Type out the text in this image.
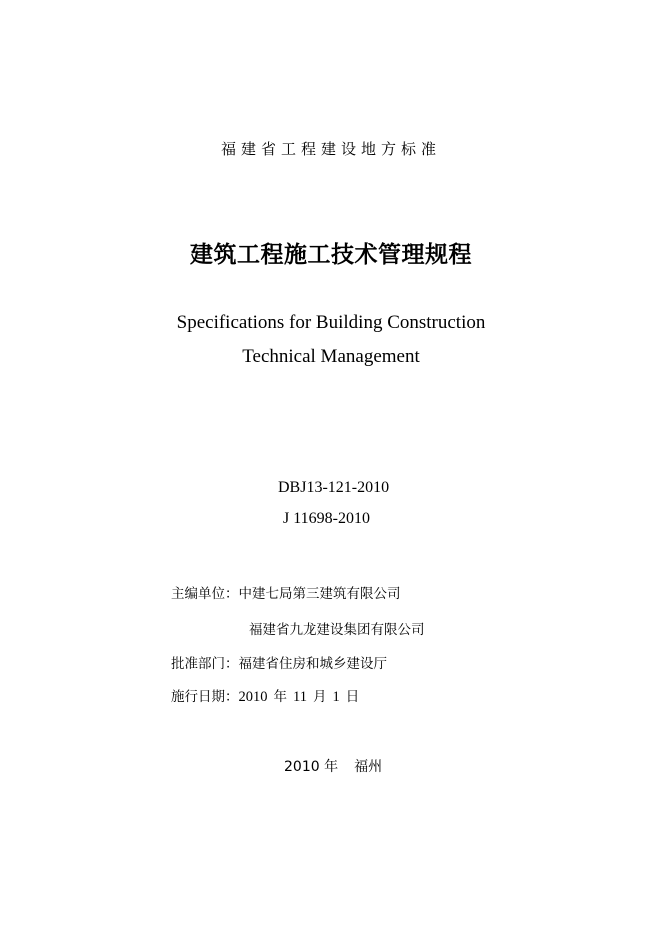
福建省工程建设地方标准
建筑工程施工技术管理规程
Specifications for Building Construction
Technical Management
DBJ13-121-2010
J 11698-2010
主编单位：中建七局第三建筑有限公司
福建省九龙建设集团有限公司
批准部门：福建省住房和城乡建设厅
施行日期：2010 年 11 月 1 日
2010 年 福州
